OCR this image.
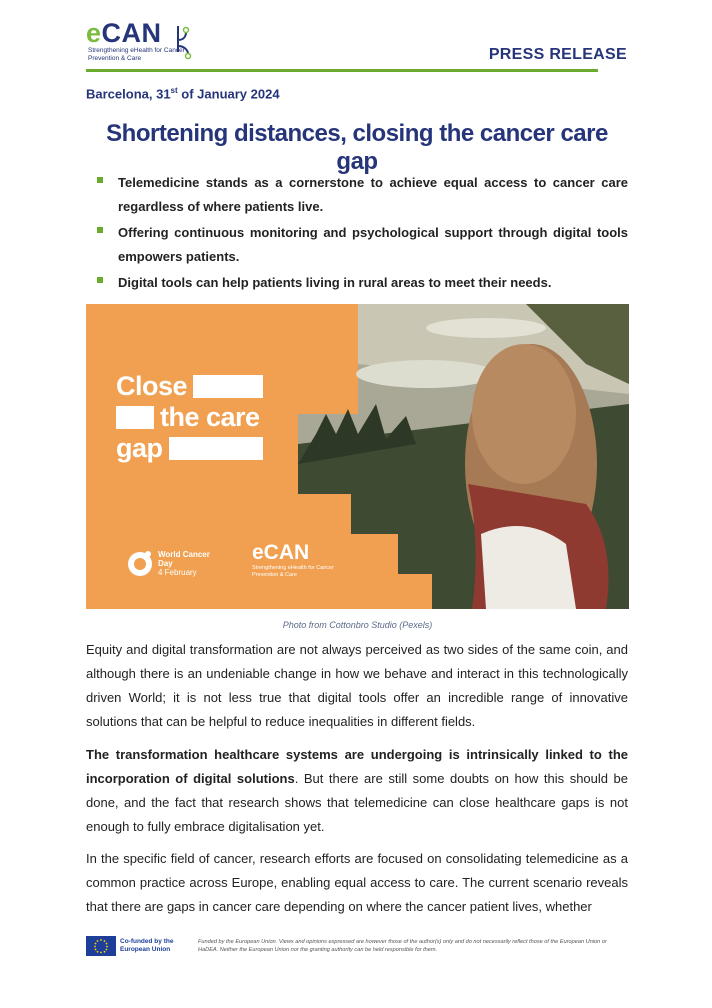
eCAN
Strengthening eHealth for Cancer Prevention & Care	PRESS RELEASE
Barcelona, 31st of January 2024
Shortening distances, closing the cancer care gap
Telemedicine stands as a cornerstone to achieve equal access to cancer care regardless of where patients live.
Offering continuous monitoring and psychological support through digital tools empowers patients.
Digital tools can help patients living in rural areas to meet their needs.
Close
the care
gap
World Cancer Day
4 February
eCAN
Strengthening eHealth for Cancer Prevention & Care
Photo from Cottonbro Studio (Pexels)

Equity and digital transformation are not always perceived as two sides of the same coin, and although there is an undeniable change in how we behave and interact in this technologically driven World; it is not less true that digital tools offer an incredible range of innovative solutions that can be helpful to reduce inequalities in different fields.

The transformation healthcare systems are undergoing is intrinsically linked to the incorporation of digital solutions. But there are still some doubts on how this should be done, and the fact that research shows that telemedicine can close healthcare gaps is not enough to fully embrace digitalisation yet.

In the specific field of cancer, research efforts are focused on consolidating telemedicine as a common practice across Europe, enabling equal access to care. The current scenario reveals that there are gaps in cancer care depending on where the cancer patient lives, whether

Co-funded by the European Union
Funded by the European Union. Views and opinions expressed are however those of the author(s) only and do not necessarily reflect those of the European Union or HaDEA. Neither the European Union nor the granting authority can be held responsible for them.
